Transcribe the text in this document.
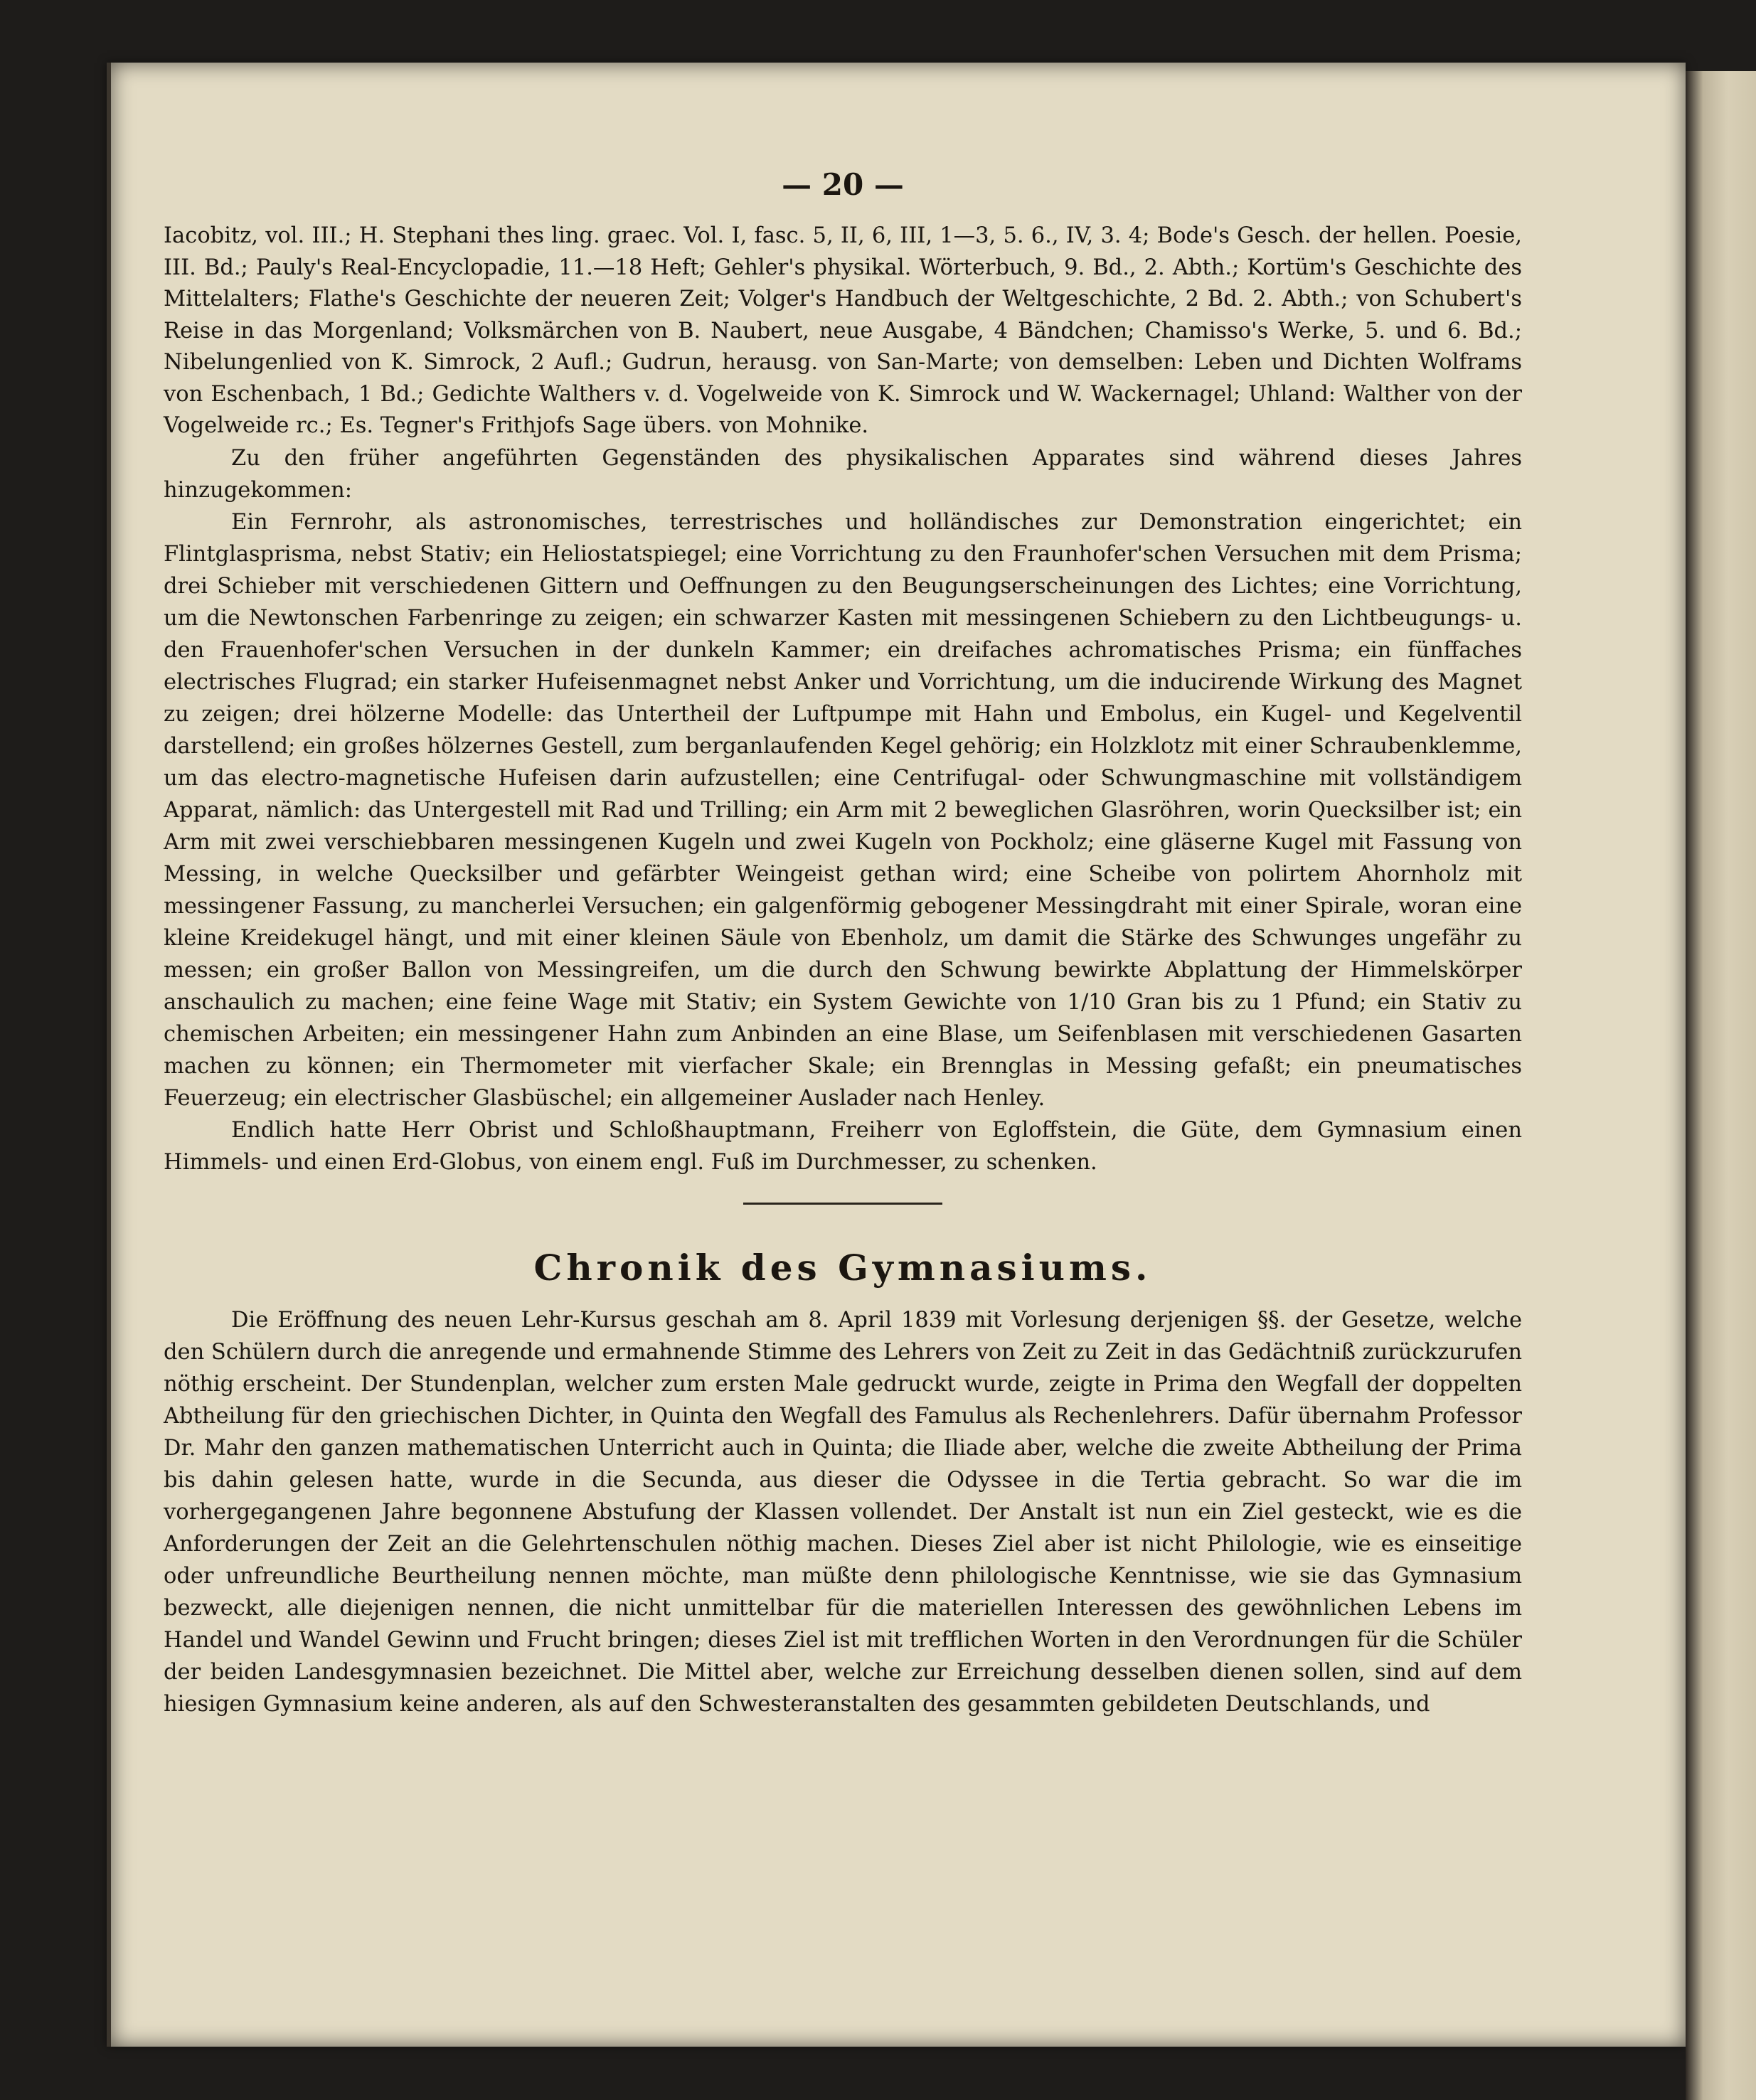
— 20 —

Iacobitz, vol. III.; H. Stephani thes ling. graec. Vol. I, fasc. 5, II, 6, III, 1—3, 5. 6., IV, 3. 4; Bode's Gesch. der hellen. Poesie, III. Bd.; Pauly's Real-Encyclopadie, 11.—18 Heft; Gehler's physikal. Wörterbuch, 9. Bd., 2. Abth.; Kortüm's Geschichte des Mittelalters; Flathe's Geschichte der neueren Zeit; Volger's Handbuch der Weltgeschichte, 2 Bd. 2. Abth.; von Schubert's Reise in das Morgenland; Volksmärchen von B. Naubert, neue Ausgabe, 4 Bändchen; Chamisso's Werke, 5. und 6. Bd.; Nibelungenlied von K. Simrock, 2 Aufl.; Gudrun, herausg. von San-Marte; von demselben: Leben und Dichten Wolframs von Eschenbach, 1 Bd.; Gedichte Walthers v. d. Vogelweide von K. Simrock und W. Wackernagel; Uhland: Walther von der Vogelweide rc.; Es. Tegner's Frithjofs Sage übers. von Mohnike.

Zu den früher angeführten Gegenständen des physikalischen Apparates sind während dieses Jahres hinzugekommen:

Ein Fernrohr, als astronomisches, terrestrisches und holländisches zur Demonstration eingerichtet; ein Flintglasprisma, nebst Stativ; ein Heliostatspiegel; eine Vorrichtung zu den Fraunhofer'schen Versuchen mit dem Prisma; drei Schieber mit verschiedenen Gittern und Oeffnungen zu den Beugungserscheinungen des Lichtes; eine Vorrichtung, um die Newtonschen Farbenringe zu zeigen; ein schwarzer Kasten mit messingenen Schiebern zu den Lichtbeugungs- u. den Frauenhofer'schen Versuchen in der dunkeln Kammer; ein dreifaches achromatisches Prisma; ein fünffaches electrisches Flugrad; ein starker Hufeisenmagnet nebst Anker und Vorrichtung, um die inducirende Wirkung des Magnet zu zeigen; drei hölzerne Modelle: das Untertheil der Luftpumpe mit Hahn und Embolus, ein Kugel- und Kegelventil darstellend; ein großes hölzernes Gestell, zum berganlaufenden Kegel gehörig; ein Holzklotz mit einer Schraubenklemme, um das electro-magnetische Hufeisen darin aufzustellen; eine Centrifugal- oder Schwungmaschine mit vollständigem Apparat, nämlich: das Untergestell mit Rad und Trilling; ein Arm mit 2 beweglichen Glasröhren, worin Quecksilber ist; ein Arm mit zwei verschiebbaren messingenen Kugeln und zwei Kugeln von Pockholz; eine gläserne Kugel mit Fassung von Messing, in welche Quecksilber und gefärbter Weingeist gethan wird; eine Scheibe von polirtem Ahornholz mit messingener Fassung, zu mancherlei Versuchen; ein galgenförmig gebogener Messingdraht mit einer Spirale, woran eine kleine Kreidekugel hängt, und mit einer kleinen Säule von Ebenholz, um damit die Stärke des Schwunges ungefähr zu messen; ein großer Ballon von Messingreifen, um die durch den Schwung bewirkte Abplattung der Himmelskörper anschaulich zu machen; eine feine Wage mit Stativ; ein System Gewichte von 1/10 Gran bis zu 1 Pfund; ein Stativ zu chemischen Arbeiten; ein messingener Hahn zum Anbinden an eine Blase, um Seifenblasen mit verschiedenen Gasarten machen zu können; ein Thermometer mit vierfacher Skale; ein Brennglas in Messing gefaßt; ein pneumatisches Feuerzeug; ein electrischer Glasbüschel; ein allgemeiner Auslader nach Henley.

Endlich hatte Herr Obrist und Schloßhauptmann, Freiherr von Egloffstein, die Güte, dem Gymnasium einen Himmels- und einen Erd-Globus, von einem engl. Fuß im Durchmesser, zu schenken.

Chronik des Gymnasiums.

Die Eröffnung des neuen Lehr-Kursus geschah am 8. April 1839 mit Vorlesung derjenigen §§. der Gesetze, welche den Schülern durch die anregende und ermahnende Stimme des Lehrers von Zeit zu Zeit in das Gedächtniß zurückzurufen nöthig erscheint. Der Stundenplan, welcher zum ersten Male gedruckt wurde, zeigte in Prima den Wegfall der doppelten Abtheilung für den griechischen Dichter, in Quinta den Wegfall des Famulus als Rechenlehrers. Dafür übernahm Professor Dr. Mahr den ganzen mathematischen Unterricht auch in Quinta; die Iliade aber, welche die zweite Abtheilung der Prima bis dahin gelesen hatte, wurde in die Secunda, aus dieser die Odyssee in die Tertia gebracht. So war die im vorhergegangenen Jahre begonnene Abstufung der Klassen vollendet. Der Anstalt ist nun ein Ziel gesteckt, wie es die Anforderungen der Zeit an die Gelehrtenschulen nöthig machen. Dieses Ziel aber ist nicht Philologie, wie es einseitige oder unfreundliche Beurtheilung nennen möchte, man müßte denn philologische Kenntnisse, wie sie das Gymnasium bezweckt, alle diejenigen nennen, die nicht unmittelbar für die materiellen Interessen des gewöhnlichen Lebens im Handel und Wandel Gewinn und Frucht bringen; dieses Ziel ist mit trefflichen Worten in den Verordnungen für die Schüler der beiden Landesgymnasien bezeichnet. Die Mittel aber, welche zur Erreichung desselben dienen sollen, sind auf dem hiesigen Gymnasium keine anderen, als auf den Schwesteranstalten des gesammten gebildeten Deutschlands, und
